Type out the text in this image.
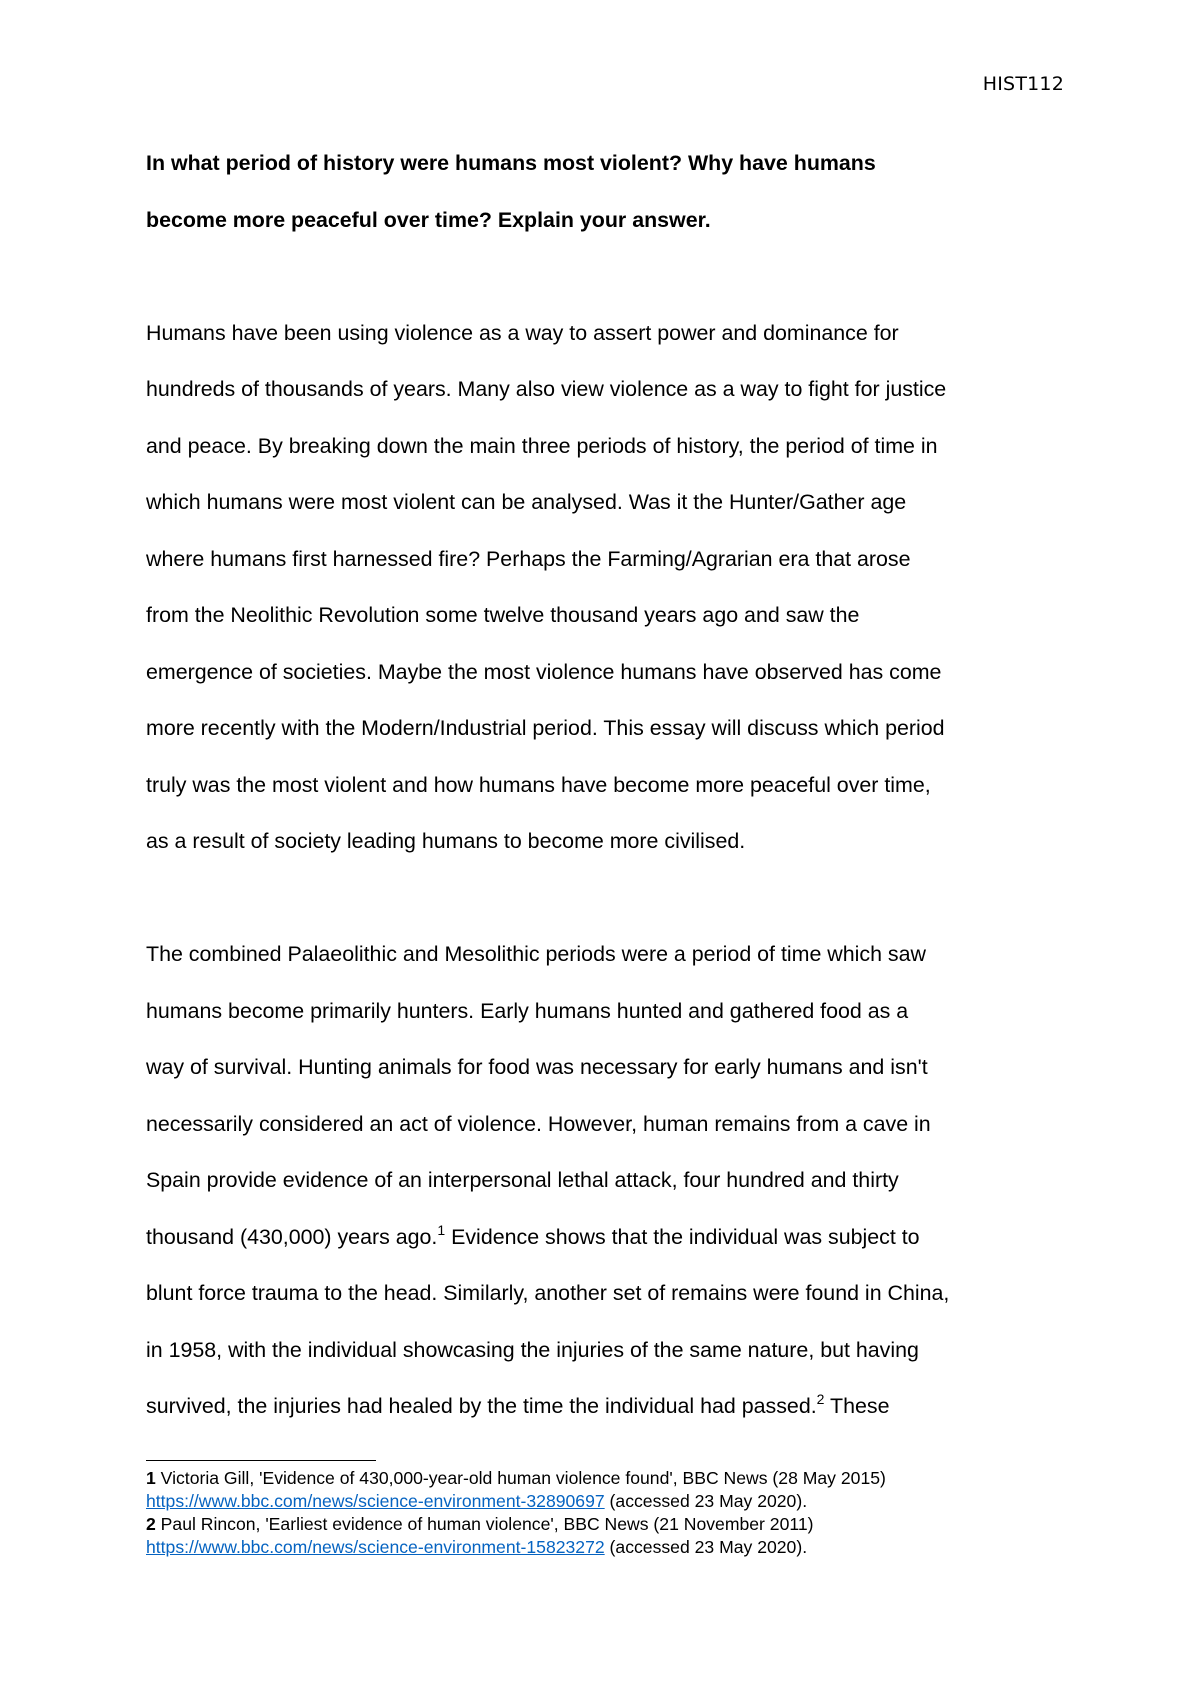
HIST112

In what period of history were humans most violent? Why have humans
become more peaceful over time? Explain your answer.

Humans have been using violence as a way to assert power and dominance for
hundreds of thousands of years. Many also view violence as a way to fight for justice
and peace. By breaking down the main three periods of history, the period of time in
which humans were most violent can be analysed. Was it the Hunter/Gather age
where humans first harnessed fire? Perhaps the Farming/Agrarian era that arose
from the Neolithic Revolution some twelve thousand years ago and saw the
emergence of societies. Maybe the most violence humans have observed has come
more recently with the Modern/Industrial period. This essay will discuss which period
truly was the most violent and how humans have become more peaceful over time,
as a result of society leading humans to become more civilised.

The combined Palaeolithic and Mesolithic periods were a period of time which saw
humans become primarily hunters. Early humans hunted and gathered food as a
way of survival. Hunting animals for food was necessary for early humans and isn't
necessarily considered an act of violence. However, human remains from a cave in
Spain provide evidence of an interpersonal lethal attack, four hundred and thirty
thousand (430,000) years ago.$^1$ Evidence shows that the individual was subject to
blunt force trauma to the head. Similarly, another set of remains were found in China,
in 1958, with the individual showcasing the injuries of the same nature, but having
survived, the injuries had healed by the time the individual had passed.$^2$ These

1 Victoria Gill, 'Evidence of 430,000-year-old human violence found', BBC News (28 May 2015)

https://www.bbc.com/news/science-environment-32890697 (accessed 23 May 2020).

2 Paul Rincon, 'Earliest evidence of human violence', BBC News (21 November 2011)

https://www.bbc.com/news/science-environment-15823272 (accessed 23 May 2020).
